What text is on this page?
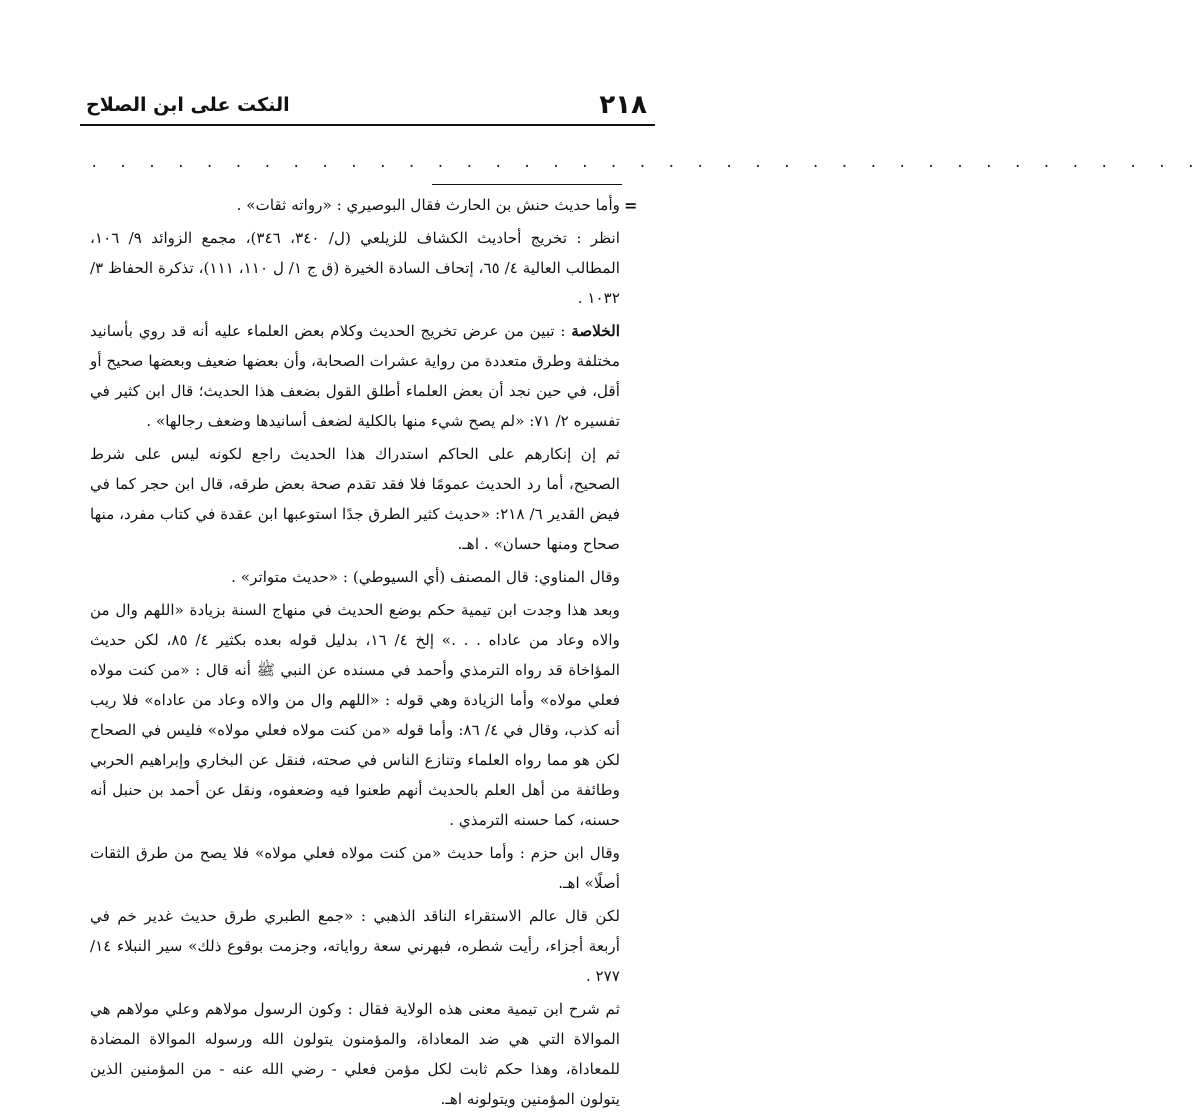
٢١٨
النكت على ابن الصلاح
. . . . . . . . . . . . . . . . . . . . . . . . . . . . . . . . . . . . . . .
=

وأما حديث حنش بن الحارث فقال البوصيري : «رواته ثقات» .

انظر : تخريج أحاديث الكشاف للزيلعي (ل/ ٣٤٠، ٣٤٦)، مجمع الزوائد ٩/ ١٠٦، المطالب العالية ٤/ ٦٥، إتحاف السادة الخيرة (ق ج ١/ ل ١١٠، ١١١)، تذكرة الحفاظ ٣/ ١٠٣٢ .

الخلاصة : تبين من عرض تخريج الحديث وكلام بعض العلماء عليه أنه قد روي بأسانيد مختلفة وطرق متعددة من رواية عشرات الصحابة، وأن بعضها ضعيف وبعضها صحيح أو أقل، في حين نجد أن بعض العلماء أطلق القول بضعف هذا الحديث؛ قال ابن كثير في تفسيره ٢/ ٧١: «لم يصح شيء منها بالكلية لضعف أسانيدها وضعف رجالها» .

ثم إن إنكارهم على الحاكم استدراك هذا الحديث راجع لكونه ليس على شرط الصحيح، أما رد الحديث عمومًا فلا فقد تقدم صحة بعض طرقه، قال ابن حجر كما في فيض القدير ٦/ ٢١٨: «حديث كثير الطرق جدًا استوعبها ابن عقدة في كتاب مفرد، منها صحاح ومنها حسان» . اهـ.

وقال المناوي: قال المصنف (أي السيوطي) : «حديث متواتر» .

وبعد هذا وجدت ابن تيمية حكم بوضع الحديث في منهاج السنة بزيادة «اللهم وال من والاه وعاد من عاداه . . .» إلخ ٤/ ١٦، بدليل قوله بعده بكثير ٤/ ٨٥، لكن حديث المؤاخاة قد رواه الترمذي وأحمد في مسنده عن النبي ﷺ أنه قال : «من كنت مولاه فعلي مولاه» وأما الزيادة وهي قوله : «اللهم وال من والاه وعاد من عاداه» فلا ريب أنه كذب، وقال في ٤/ ٨٦: وأما قوله «من كنت مولاه فعلي مولاه» فليس في الصحاح لكن هو مما رواه العلماء وتنازع الناس في صحته، فنقل عن البخاري وإبراهيم الحربي وطائفة من أهل العلم بالحديث أنهم طعنوا فيه وضعفوه، ونقل عن أحمد بن حنبل أنه حسنه، كما حسنه الترمذي .

وقال ابن حزم : وأما حديث «من كنت مولاه فعلي مولاه» فلا يصح من طرق الثقات أصلًا» اهـ.

لكن قال عالم الاستقراء الناقد الذهبي : «جمع الطبري طرق حديث غدير خم في أربعة أجزاء، رأيت شطره، فبهرني سعة رواياته، وجزمت بوقوع ذلك» سير النبلاء ١٤/ ٢٧٧ .

ثم شرح ابن تيمية معنى هذه الولاية فقال : وكون الرسول مولاهم وعلي مولاهم هي الموالاة التي هي ضد المعاداة، والمؤمنون يتولون الله ورسوله الموالاة المضادة للمعاداة، وهذا حكم ثابت لكل مؤمن فعلي - رضي الله عنه - من المؤمنين الذين يتولون المؤمنين ويتولونه اهـ.
